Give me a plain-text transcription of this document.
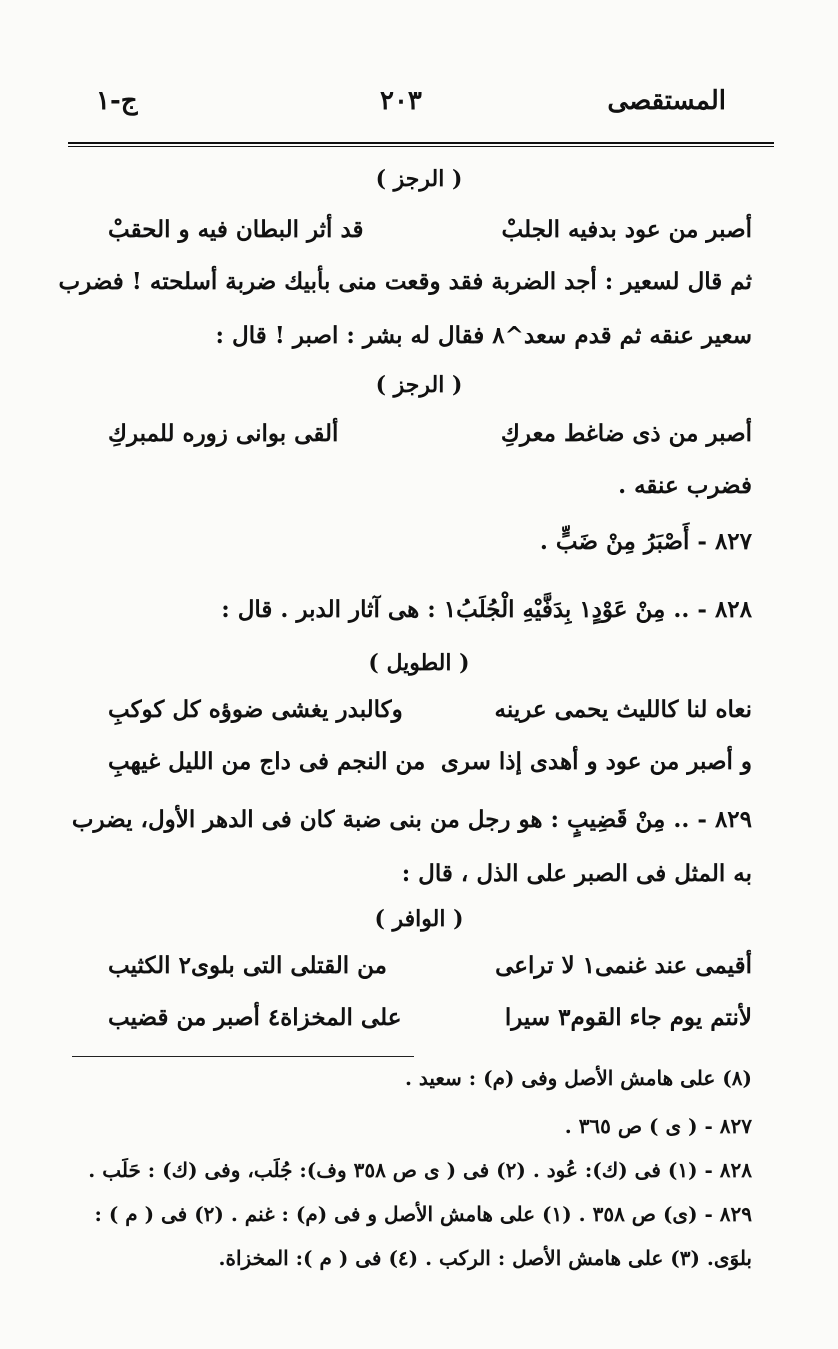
المستقصى
٢٠٣
ج-١
( الرجز )
أصبر من عود بدفيه الجلبْ
قد أثر البطان فيه و الحقبْ
ثم قال لسعير : أجد الضربة فقد وقعت منى بأبيك ضربة أسلحته ! فضرب
سعير عنقه ثم قدم سعد^٨ فقال له بشر : اصبر ! قال :
( الرجز )
أصبر من ذى ضاغط معركِ
ألقى بوانى زوره للمبركِ
فضرب عنقه .
٨٢٧ - أَصْبَرُ مِنْ ضَبٍّ .
٨٢٨ - .. مِنْ عَوْدٍ١ بِدَفَّيْهِ الْجُلَبُ١ : هى آثار الدبر . قال :
( الطويل )
نعاه لنا كالليث يحمى عرينه
وكالبدر يغشى ضوؤه كل كوكبِ
و أصبر من عود و أهدى إذا سرى
من النجم فى داج من الليل غيهبِ
٨٢٩ - .. مِنْ قَضِيبٍ : هو رجل من بنى ضبة كان فى الدهر الأول، يضرب
به المثل فى الصبر على الذل ، قال :
( الوافر )
أقيمى عند غنمى١ لا تراعى
من القتلى التى بلوى٢ الكثيب
لأنتم يوم جاء القوم٣ سيرا
على المخزاة٤ أصبر من قضيب
(٨) على هامش الأصل وفى (م) : سعيد .
٨٢٧ - ( ى ) ص ٣٦٥ .
٨٢٨ - (١) فى (ك): عُود . (٢) فى ( ى ص ٣٥٨ وف): جُلَب، وفى (ك) : حَلَب .
٨٢٩ - (ى) ص ٣٥٨ . (١) على هامش الأصل و فى (م) : غنم . (٢) فى ( م ) :
بلوَى. (٣) على هامش الأصل : الركب . (٤) فى ( م ): المخزاة.
